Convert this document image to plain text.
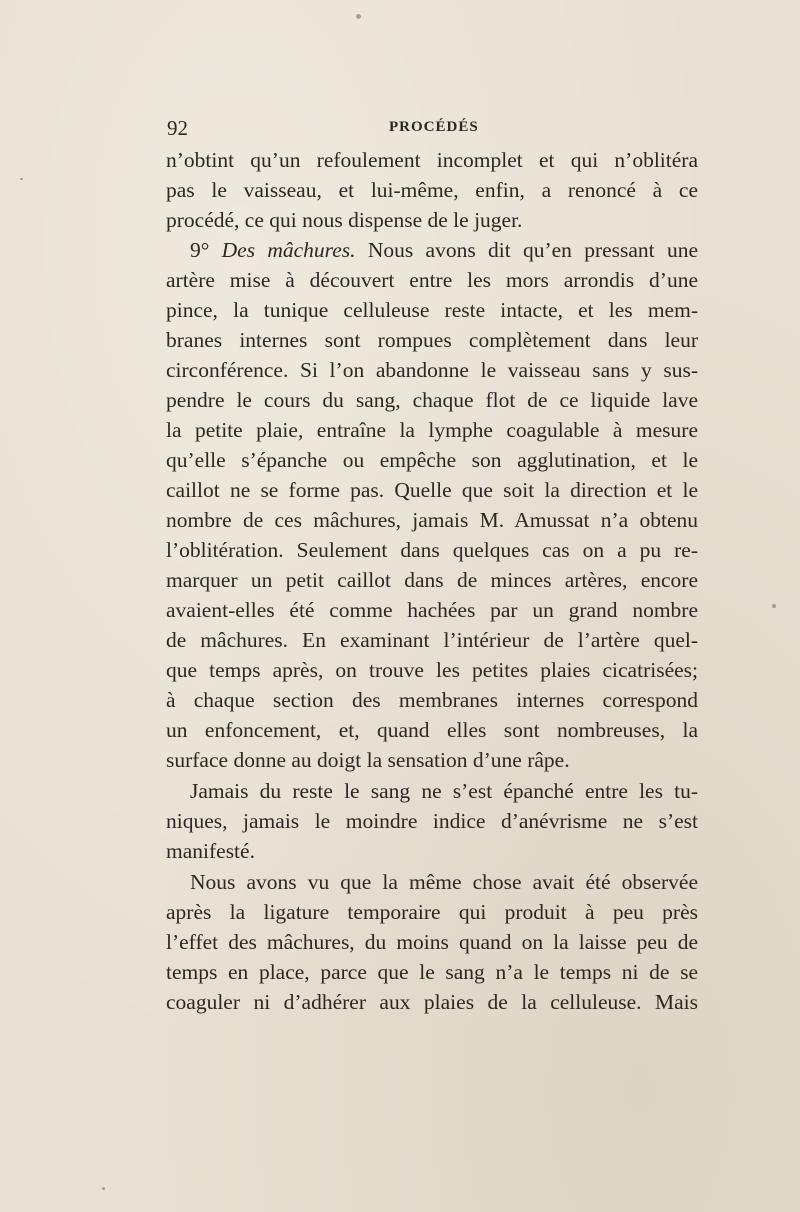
92	PROCÉDÉS
n’obtint qu’un refoulement incomplet et qui n’oblitéra
pas le vaisseau, et lui-même, enfin, a renoncé à ce
procédé, ce qui nous dispense de le juger.
9° Des mâchures. Nous avons dit qu’en pressant une
artère mise à découvert entre les mors arrondis d’une
pince, la tunique celluleuse reste intacte, et les mem-
branes internes sont rompues complètement dans leur
circonférence. Si l’on abandonne le vaisseau sans y sus-
pendre le cours du sang, chaque flot de ce liquide lave
la petite plaie, entraîne la lymphe coagulable à mesure
qu’elle s’épanche ou empêche son agglutination, et le
caillot ne se forme pas. Quelle que soit la direction et le
nombre de ces mâchures, jamais M. Amussat n’a obtenu
l’oblitération. Seulement dans quelques cas on a pu re-
marquer un petit caillot dans de minces artères, encore
avaient-elles été comme hachées par un grand nombre
de mâchures. En examinant l’intérieur de l’artère quel-
que temps après, on trouve les petites plaies cicatrisées;
à chaque section des membranes internes correspond
un enfoncement, et, quand elles sont nombreuses, la
surface donne au doigt la sensation d’une râpe.
Jamais du reste le sang ne s’est épanché entre les tu-
niques, jamais le moindre indice d’anévrisme ne s’est
manifesté.
Nous avons vu que la même chose avait été observée
après la ligature temporaire qui produit à peu près
l’effet des mâchures, du moins quand on la laisse peu de
temps en place, parce que le sang n’a le temps ni de se
coaguler ni d’adhérer aux plaies de la celluleuse. Mais
